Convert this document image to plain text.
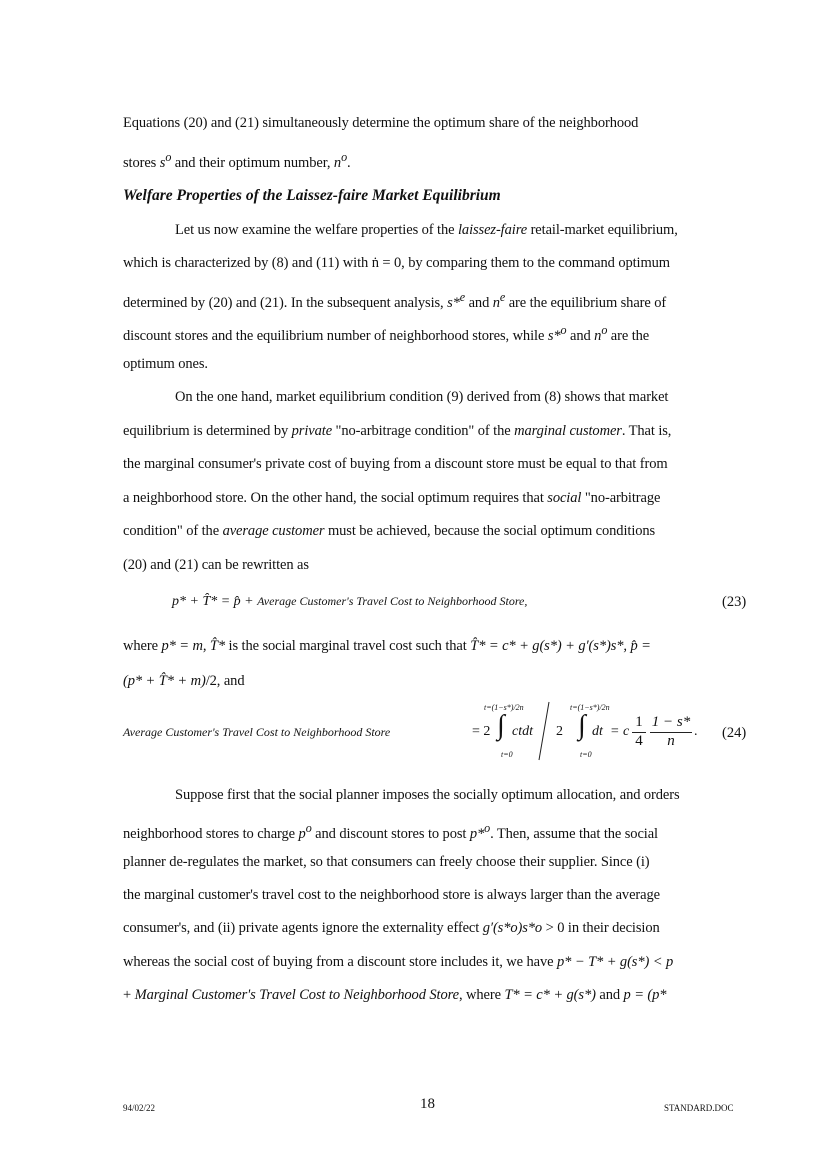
Equations (20) and (21) simultaneously determine the optimum share of the neighborhood
stores $s^o$ and their optimum number, $n^o$.
Welfare Properties of the Laissez-faire Market Equilibrium
Let us now examine the welfare properties of the laissez-faire retail-market equilibrium,
which is characterized by (8) and (11) with ṅ = 0, by comparing them to the command optimum
determined by (20) and (21). In the subsequent analysis, s*$^e$ and $n^e$ are the equilibrium share of
discount stores and the equilibrium number of neighborhood stores, while s*$^o$ and $n^o$ are the
optimum ones.
On the one hand, market equilibrium condition (9) derived from (8) shows that market
equilibrium is determined by private "no-arbitrage condition" of the marginal customer. That is,
the marginal consumer's private cost of buying from a discount store must be equal to that from
a neighborhood store. On the other hand, the social optimum requires that social "no-arbitrage
condition" of the average customer must be achieved, because the social optimum conditions
(20) and (21) can be rewritten as
p* + T̂* = p̂ + Average Customer's Travel Cost to Neighborhood Store,	(23)
where p* = m, T̂* is the social marginal travel cost such that T̂* = c* + g(s*) + g′(s*)s*, p̂ =
(p* + T̂* + m)/2, and
Average Customer's Travel Cost to Neighborhood Store	= 2
t=(1−s*)/2n
∫ ctdt
t=0
2
t=(1−s*)/2n
∫ dt
t=0
= c $\frac{1}{4} \frac{1 - s*}{n}$ . (24)
Suppose first that the social planner imposes the socially optimum allocation, and orders
neighborhood stores to charge $p^o$ and discount stores to post p*$^o$. Then, assume that the social
planner de-regulates the market, so that consumers can freely choose their supplier. Since (i)
the marginal customer's travel cost to the neighborhood store is always larger than the average
consumer's, and (ii) private agents ignore the externality effect g′(s*o)s*o > 0 in their decision
whereas the social cost of buying from a discount store includes it, we have p* − T* + g(s*) < p
+ Marginal Customer's Travel Cost to Neighborhood Store, where T* = c* + g(s*) and p = (p*
94/02/22	18	STANDARD.DOC
